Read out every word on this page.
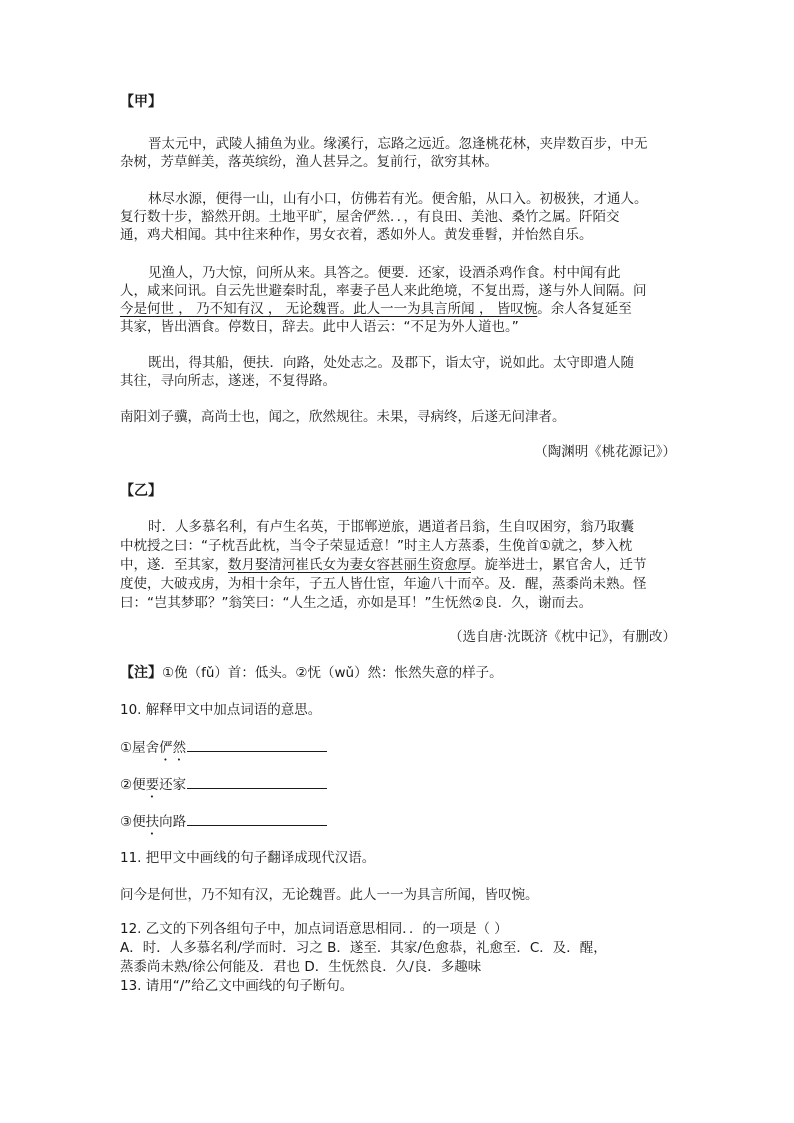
【甲】
晋太元中，武陵人捕鱼为业。缘溪行，忘路之远近。忽逢桃花林，夹岸数百步，中无
杂树，芳草鲜美，落英缤纷，渔人甚异之。复前行，欲穷其林。
林尽水源，便得一山，山有小口，仿佛若有光。便舍船，从口入。初极狭，才通人。
复行数十步，豁然开朗。土地平旷，屋舍俨然．．，有良田、美池、桑竹之属。阡陌交
通，鸡犬相闻。其中往来种作，男女衣着，悉如外人。黄发垂髫，并怡然自乐。
见渔人，乃大惊，问所从来。具答之。便要．还家，设酒杀鸡作食。村中闻有此
人，咸来问讯。自云先世避秦时乱，率妻子邑人来此绝境，不复出焉，遂与外人间隔。问
今是何世 ， 乃不知有汉 ， 无论魏晋。此人一一为具言所闻 ， 皆叹惋。余人各复延至
其家，皆出酒食。停数日，辞去。此中人语云：“不足为外人道也。”
既出，得其船，便扶．向路，处处志之。及郡下，诣太守，说如此。太守即遣人随
其往，寻向所志，遂迷，不复得路。
南阳刘子骥，高尚士也，闻之，欣然规往。未果，寻病终，后遂无问津者。
（陶渊明《桃花源记》）
【乙】
时．人多慕名利，有卢生名英，于邯郸逆旅，遇道者吕翁，生自叹困穷，翁乃取囊
中枕授之曰：“子枕吾此枕，当令子荣显适意！”时主人方蒸黍，生俛首①就之，梦入枕
中，遂．至其家，数月娶清河崔氏女为妻女容甚丽生资愈厚。旋举进士，累官舍人，迁节
度使，大破戎虏，为相十余年，子五人皆仕宦，年逾八十而卒。及．醒，蒸黍尚未熟。怪
曰：“岂其梦耶？”翁笑曰：“人生之适，亦如是耳！”生怃然②良．久，谢而去。
（选自唐·沈既济《枕中记》，有删改）
【注】①俛（fǔ）首：低头。②怃（wǔ）然：怅然失意的样子。
10. 解释甲文中加点词语的意思。
①屋舍俨然
②便要还家
③便扶向路
11. 把甲文中画线的句子翻译成现代汉语。
问今是何世，乃不知有汉，无论魏晋。此人一一为具言所闻，皆叹惋。
12. 乙文的下列各组句子中，加点词语意思相同．．的一项是（ ）
A．时．人多慕名利/学而时．习之 B．遂至．其家/色愈恭，礼愈至．C．及．醒，
蒸黍尚未熟/徐公何能及．君也 D．生怃然良．久/良．多趣味
13. 请用“/”给乙文中画线的句子断句。
